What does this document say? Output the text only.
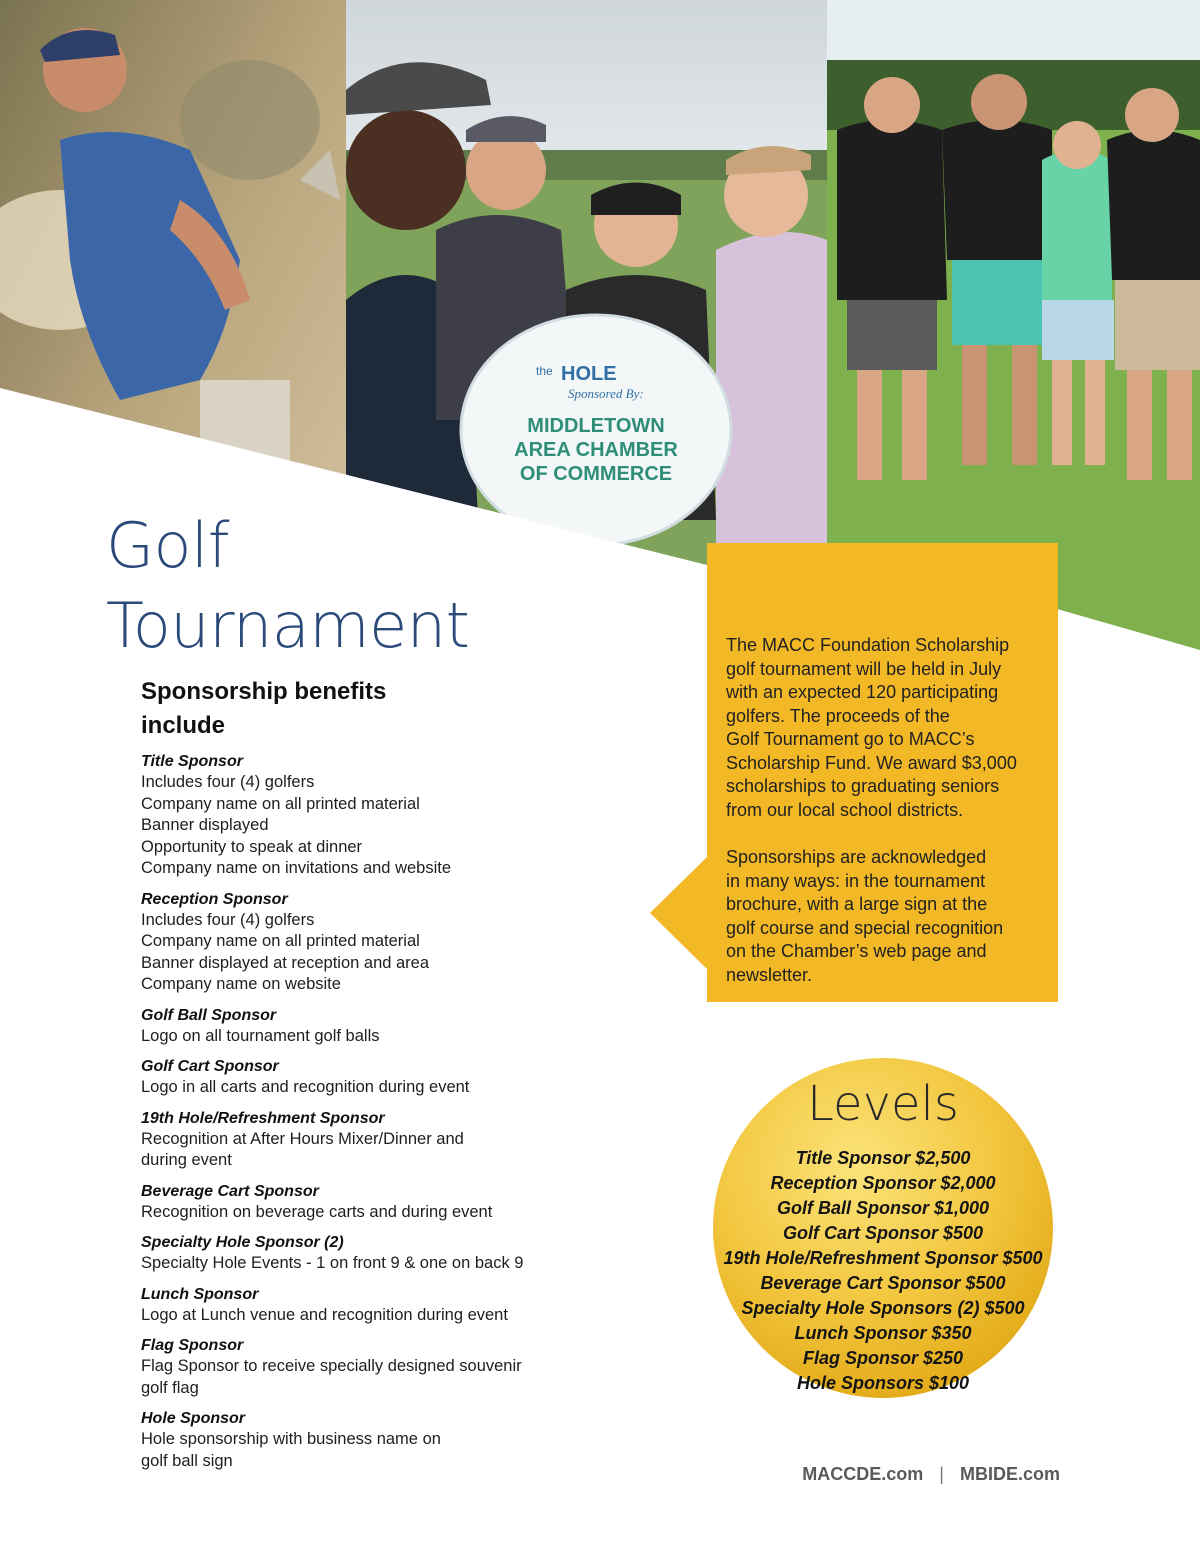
the HOLE
Sponsored By:
MIDDLETOWN
AREA CHAMBER
OF COMMERCE
Golf
Tournament	The MACC Foundation Scholarship
golf tournament will be held in July
with an expected 120 participating
golfers. The proceeds of the
Golf Tournament go to MACC’s
Scholarship Fund. We award $3,000
scholarships to graduating seniors
from our local school districts.

Sponsorships are acknowledged
in many ways: in the tournament
brochure, with a large sign at the
golf course and special recognition
on the Chamber’s web page and
newsletter.

Sponsorship benefits
include
Title Sponsor
Includes four (4) golfers
Company name on all printed material
Banner displayed
Opportunity to speak at dinner
Company name on invitations and website
Reception Sponsor
Includes four (4) golfers
Company name on all printed material
Banner displayed at reception and area
Company name on website
Golf Ball Sponsor
Logo on all tournament golf balls
Golf Cart Sponsor
Logo in all carts and recognition during event
19th Hole/Refreshment Sponsor
Recognition at After Hours Mixer/Dinner and
during event
Beverage Cart Sponsor
Recognition on beverage carts and during event
Specialty Hole Sponsor (2)
Specialty Hole Events - 1 on front 9 & one on back 9
Lunch Sponsor
Logo at Lunch venue and recognition during event
Flag Sponsor
Flag Sponsor to receive specially designed souvenir
golf flag
Hole Sponsor
Hole sponsorship with business name on
golf ball sign
Levels
Title Sponsor $2,500
Reception Sponsor $2,000
Golf Ball Sponsor $1,000
Golf Cart Sponsor $500
19th Hole/Refreshment Sponsor $500
Beverage Cart Sponsor $500
Specialty Hole Sponsors (2) $500
Lunch Sponsor $350
Flag Sponsor $250
Hole Sponsors $100
MACCDE.com | MBIDE.com
